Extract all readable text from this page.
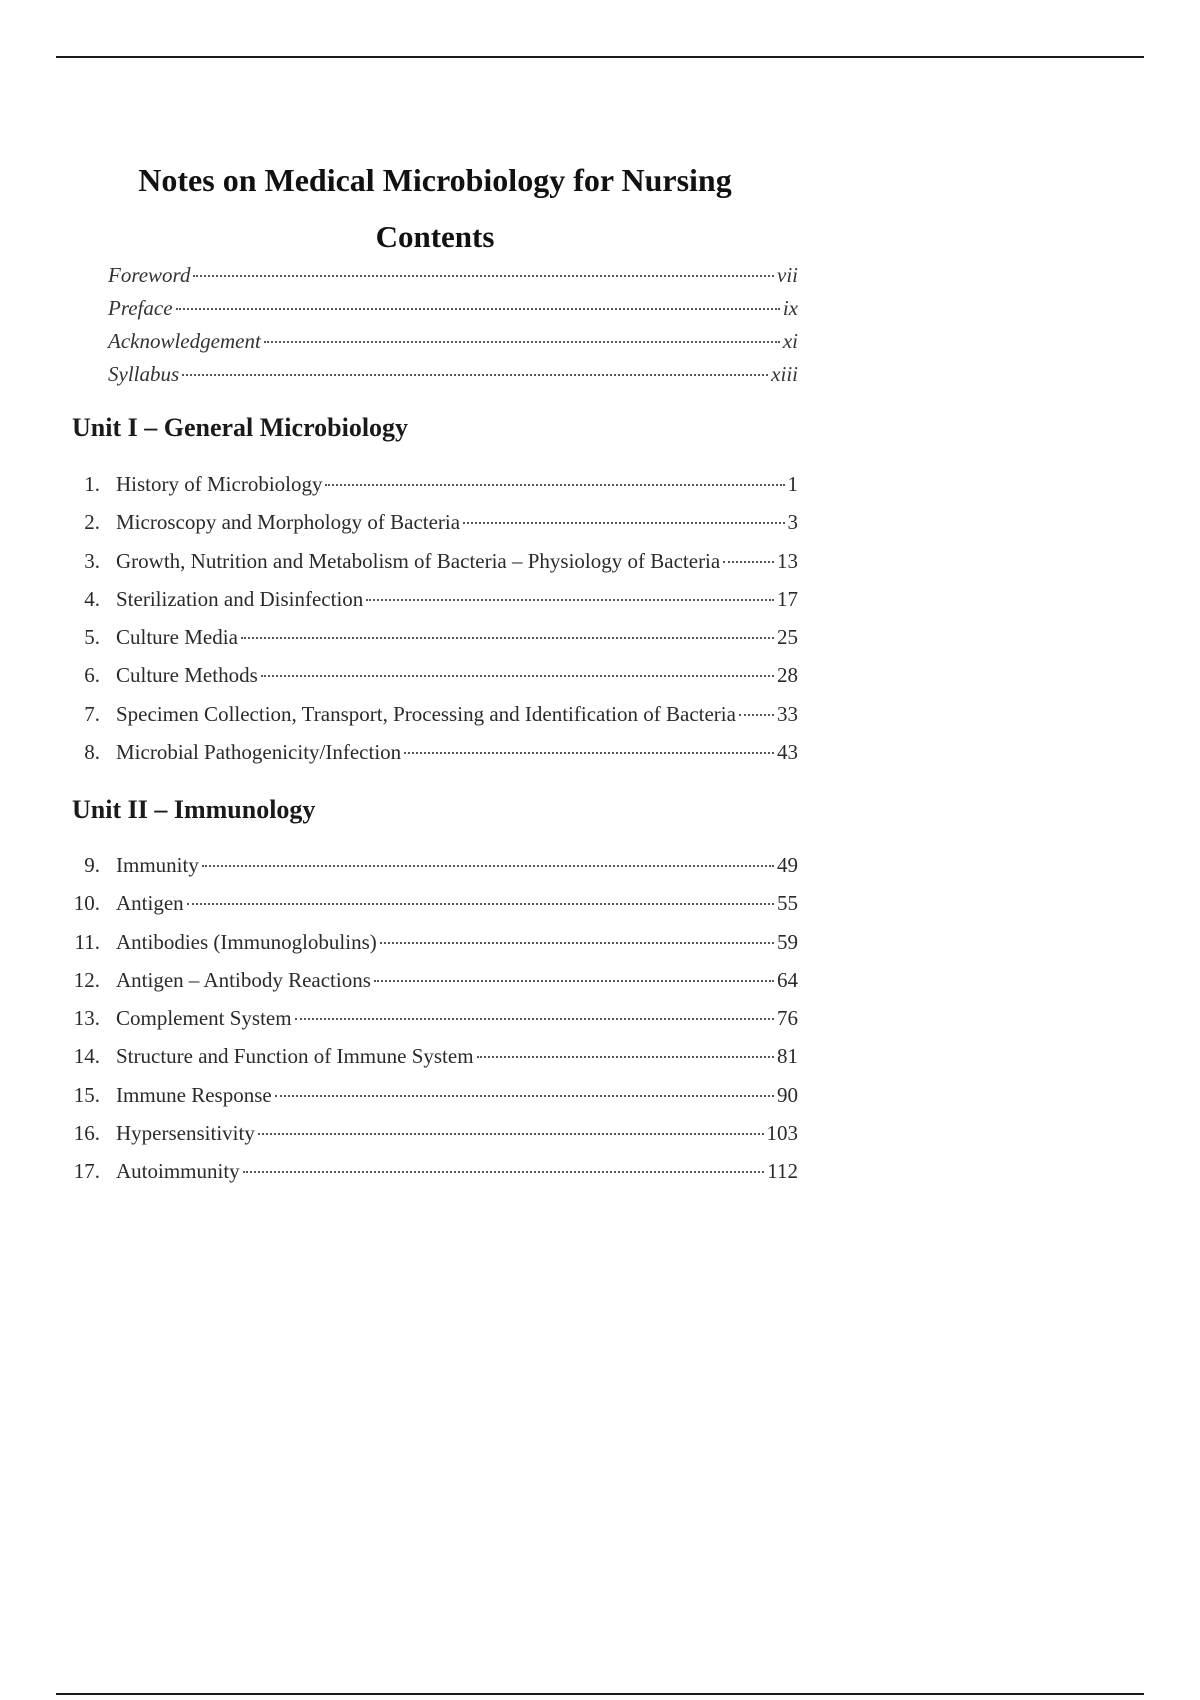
Notes on Medical Microbiology for Nursing
Contents
Foreword	vii
Preface	ix
Acknowledgement	xi
Syllabus	xiii
Unit I – General Microbiology
1. History of Microbiology	1
2. Microscopy and Morphology of Bacteria	3
3. Growth, Nutrition and Metabolism of Bacteria – Physiology of Bacteria	13
4. Sterilization and Disinfection	17
5. Culture Media	25
6. Culture Methods	28
7. Specimen Collection, Transport, Processing and Identification of Bacteria 33
8. Microbial Pathogenicity/Infection	43
Unit II – Immunology
9. Immunity	49
10. Antigen	55
11. Antibodies (Immunoglobulins)	59
12. Antigen – Antibody Reactions	64
13. Complement System	76
14. Structure and Function of Immune System	81
15. Immune Response	90
16. Hypersensitivity	103
17. Autoimmunity	112
